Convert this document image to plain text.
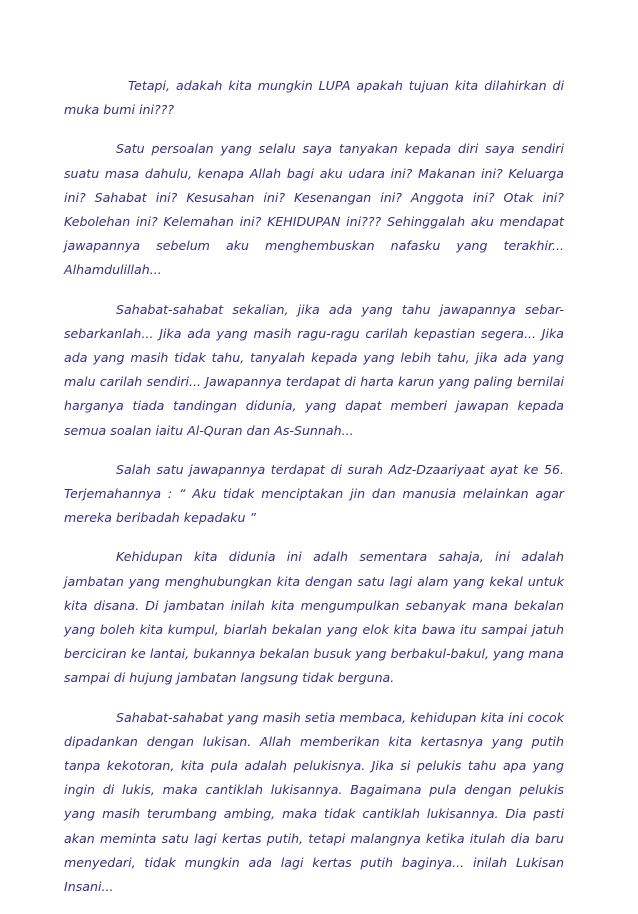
Tetapi, adakah kita mungkin LUPA apakah tujuan kita dilahirkan di muka bumi ini???

Satu persoalan yang selalu saya tanyakan kepada diri saya sendiri suatu masa dahulu, kenapa Allah bagi aku udara ini? Makanan ini? Keluarga ini? Sahabat ini? Kesusahan ini? Kesenangan ini? Anggota ini? Otak ini? Kebolehan ini? Kelemahan ini? KEHIDUPAN ini??? Sehinggalah aku mendapat jawapannya sebelum aku menghembuskan nafasku yang terakhir... Alhamdulillah...

Sahabat-sahabat sekalian, jika ada yang tahu jawapannya sebar-sebarkanlah... Jika ada yang masih ragu-ragu carilah kepastian segera... Jika ada yang masih tidak tahu, tanyalah kepada yang lebih tahu, jika ada yang malu carilah sendiri... Jawapannya terdapat di harta karun yang paling bernilai harganya tiada tandingan didunia, yang dapat memberi jawapan kepada semua soalan iaitu Al-Quran dan As-Sunnah...

Salah satu jawapannya terdapat di surah Adz-Dzaariyaat ayat ke 56. Terjemahannya : “ Aku tidak menciptakan jin dan manusia melainkan agar mereka beribadah kepadaku ”

Kehidupan kita didunia ini adalh sementara sahaja, ini adalah jambatan yang menghubungkan kita dengan satu lagi alam yang kekal untuk kita disana. Di jambatan inilah kita mengumpulkan sebanyak mana bekalan yang boleh kita kumpul, biarlah bekalan yang elok kita bawa itu sampai jatuh berciciran ke lantai, bukannya bekalan busuk yang berbakul-bakul, yang mana sampai di hujung jambatan langsung tidak berguna.

Sahabat-sahabat yang masih setia membaca, kehidupan kita ini cocok dipadankan dengan lukisan. Allah memberikan kita kertasnya yang putih tanpa kekotoran, kita pula adalah pelukisnya. Jika si pelukis tahu apa yang ingin di lukis, maka cantiklah lukisannya. Bagaimana pula dengan pelukis yang masih terumbang ambing, maka tidak cantiklah lukisannya. Dia pasti akan meminta satu lagi kertas putih, tetapi malangnya ketika itulah dia baru menyedari, tidak mungkin ada lagi kertas putih baginya... inilah Lukisan Insani...
